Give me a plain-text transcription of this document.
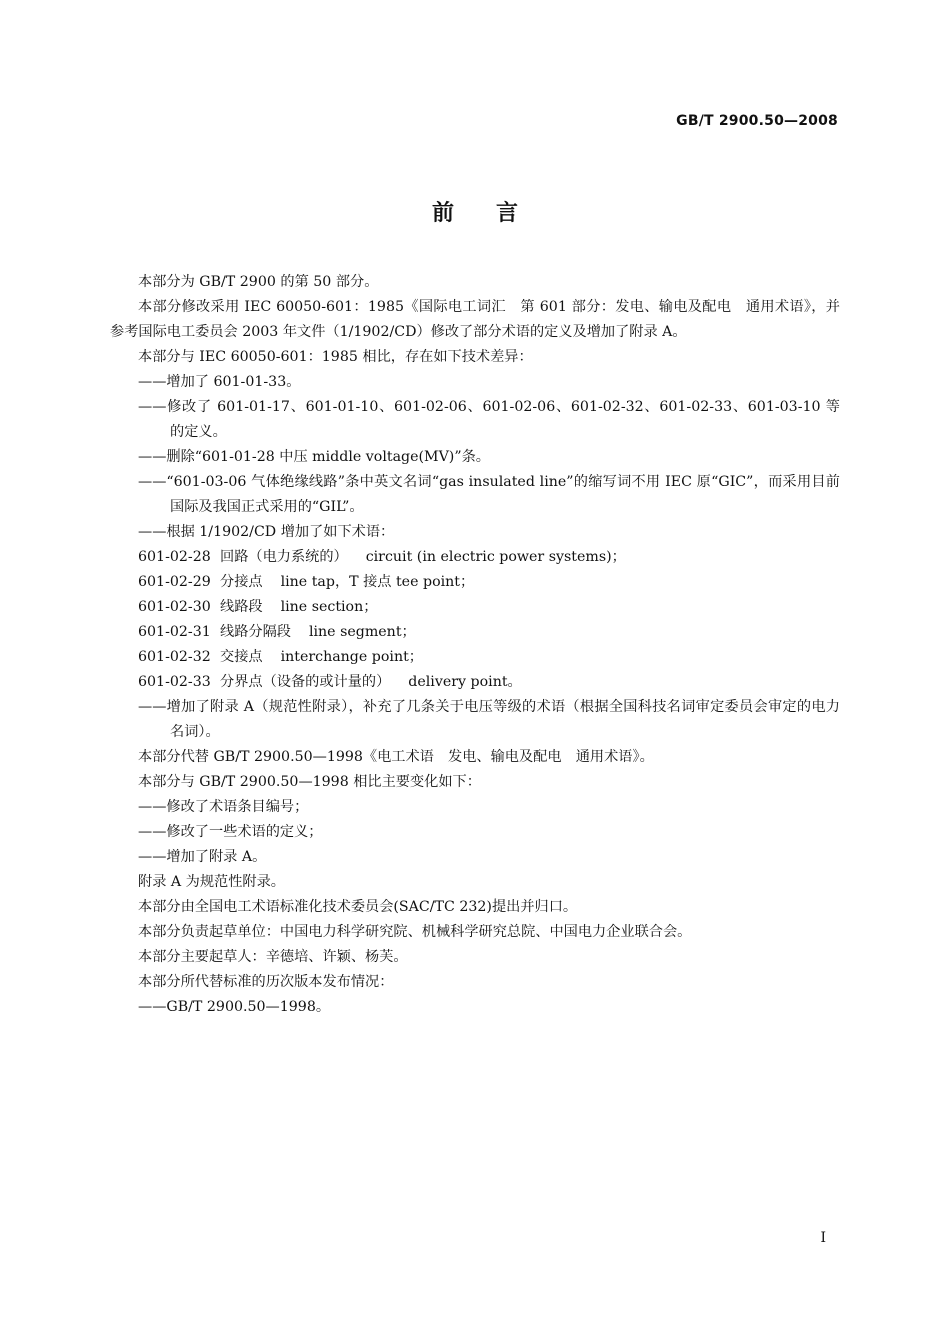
GB/T 2900.50—2008
前言
本部分为 GB/T 2900 的第 50 部分。
本部分修改采用 IEC 60050-601：1985《国际电工词汇　第 601 部分：发电、输电及配电　通用术语》，并参考国际电工委员会 2003 年文件（1/1902/CD）修改了部分术语的定义及增加了附录 A。
本部分与 IEC 60050-601：1985 相比，存在如下技术差异：
——增加了 601-01-33。
——修改了 601-01-17、601-01-10、601-02-06、601-02-06、601-02-32、601-02-33、601-03-10 等的定义。
——删除“601-01-28 中压 middle voltage(MV)”条。
——“601-03-06 气体绝缘线路”条中英文名词“gas insulated line”的缩写词不用 IEC 原“GIC”，而采用目前国际及我国正式采用的“GIL”。
——根据 1/1902/CD 增加了如下术语：
601-02-28 回路（电力系统的） circuit (in electric power systems)；
601-02-29 分接点 line tap，T 接点 tee point；
601-02-30 线路段 line section；
601-02-31 线路分隔段 line segment；
601-02-32 交接点 interchange point；
601-02-33 分界点（设备的或计量的） delivery point。
——增加了附录 A（规范性附录），补充了几条关于电压等级的术语（根据全国科技名词审定委员会审定的电力名词）。
本部分代替 GB/T 2900.50—1998《电工术语　发电、输电及配电　通用术语》。
本部分与 GB/T 2900.50—1998 相比主要变化如下：
——修改了术语条目编号；
——修改了一些术语的定义；
——增加了附录 A。
附录 A 为规范性附录。
本部分由全国电工术语标准化技术委员会(SAC/TC 232)提出并归口。
本部分负责起草单位：中国电力科学研究院、机械科学研究总院、中国电力企业联合会。
本部分主要起草人：辛德培、许颖、杨芙。
本部分所代替标准的历次版本发布情况：
——GB/T 2900.50—1998。
I
